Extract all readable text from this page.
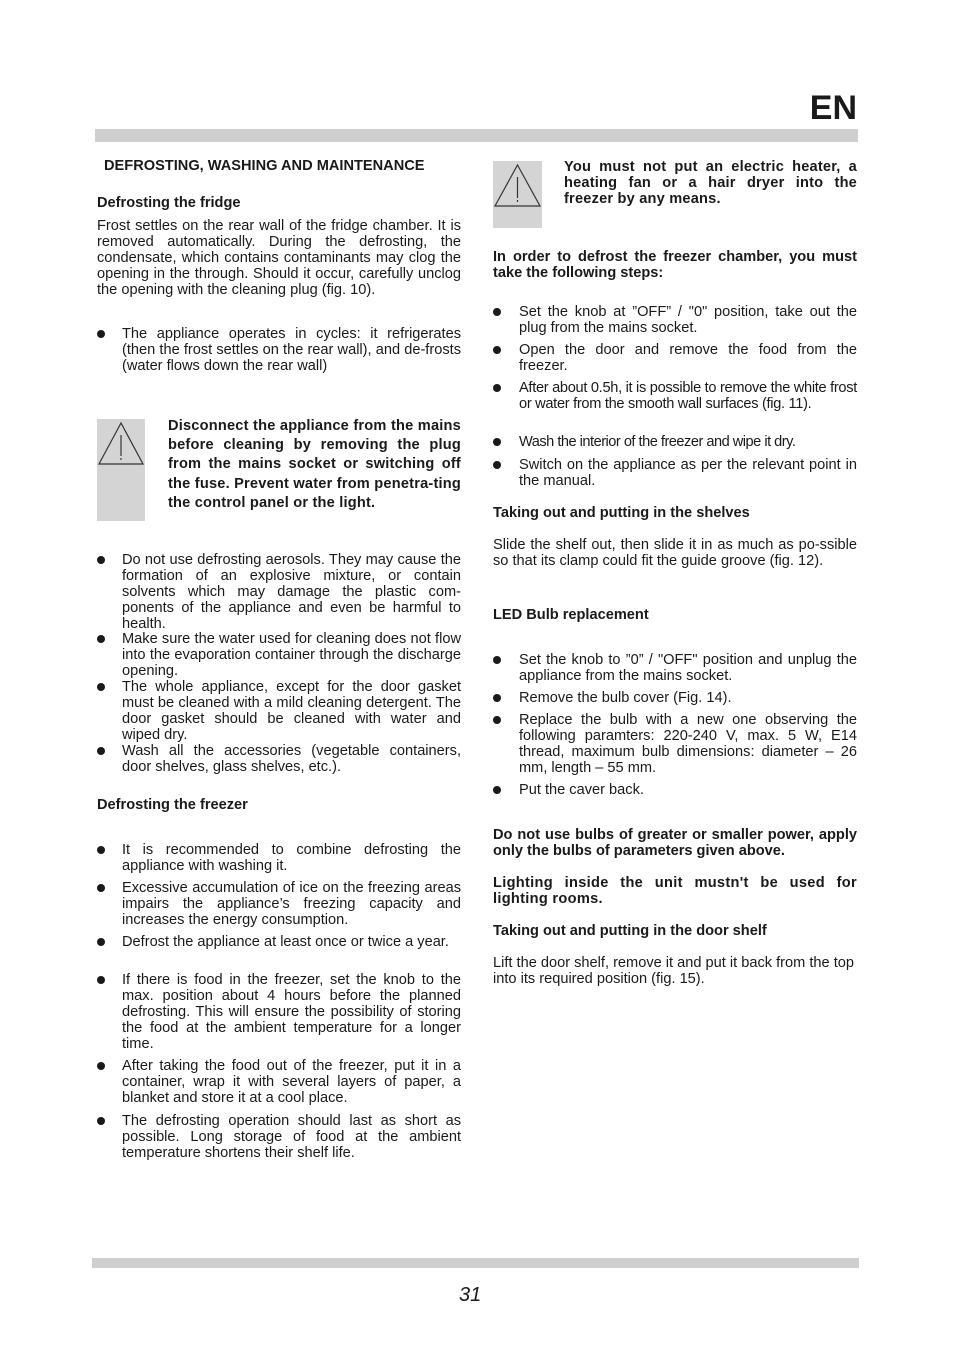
EN
DEFROSTING, WASHING AND MAINTENANCE
Defrosting the fridge
Frost settles on the rear wall of the fridge chamber. It is removed automatically. During the defrosting, the condensate, which contains contaminants may clog the opening in the through. Should it occur, carefully unclog the opening with the cleaning plug (fig. 10).
The appliance operates in cycles: it refrigerates (then the frost settles on the rear wall), and de-frosts (water flows down the rear wall)
Disconnect the appliance from the mains before cleaning by removing the plug from the mains socket or switching off the fuse. Prevent water from penetra-ting the control panel or the light.
Do not use defrosting aerosols. They may cause the formation of an explosive mixture, or contain solvents which may damage the plastic com-ponents of the appliance and even be harmful to health.
Make sure the water used for cleaning does not flow into the evaporation container through the discharge opening.
The whole appliance, except for the door gasket must be cleaned with a mild cleaning detergent. The door gasket should be cleaned with water and wiped dry.
Wash all the accessories (vegetable containers, door shelves, glass shelves, etc.).
Defrosting the freezer
It is recommended to combine defrosting the appliance with washing it.
Excessive accumulation of ice on the freezing areas impairs the appliance’s freezing capacity and increases the energy consumption.
Defrost the appliance at least once or twice a year.
If there is food in the freezer, set the knob to the max. position about 4 hours before the planned defrosting. This will ensure the possibility of storing the food at the ambient temperature for a longer time.
After taking the food out of the freezer, put it in a container, wrap it with several layers of paper, a blanket and store it at a cool place.
The defrosting operation should last as short as possible. Long storage of food at the ambient temperature shortens their shelf life.
You must not put an electric heater, a heating fan or a hair dryer into the freezer by any means.
In order to defrost the freezer chamber, you must take the following steps:
Set the knob at ”OFF” / "0" position, take out the plug from the mains socket.
Open the door and remove the food from the freezer.
After about 0.5h, it is possible to remove the white frost or water from the smooth wall surfaces (fig. 11).
Wash the interior of the freezer and wipe it dry.
Switch on the appliance as per the relevant point in the manual.
Taking out and putting in the shelves
Slide the shelf out, then slide it in as much as po-ssible so that its clamp could fit the guide groove (fig. 12).
LED Bulb replacement
Set the knob to ”0” / "OFF" position and unplug the appliance from the mains socket.
Remove the bulb cover (Fig. 14).
Replace the bulb with a new one observing the following paramters: 220-240 V, max. 5 W, E14 thread, maximum bulb dimensions: diameter – 26 mm, length – 55 mm.
Put the caver back.
Do not use bulbs of greater or smaller power, apply only the bulbs of parameters given above.
Lighting inside the unit mustn't be used for lighting rooms.
Taking out and putting in the door shelf
Lift the door shelf, remove it and put it back from the top into its required position (fig. 15).
31
